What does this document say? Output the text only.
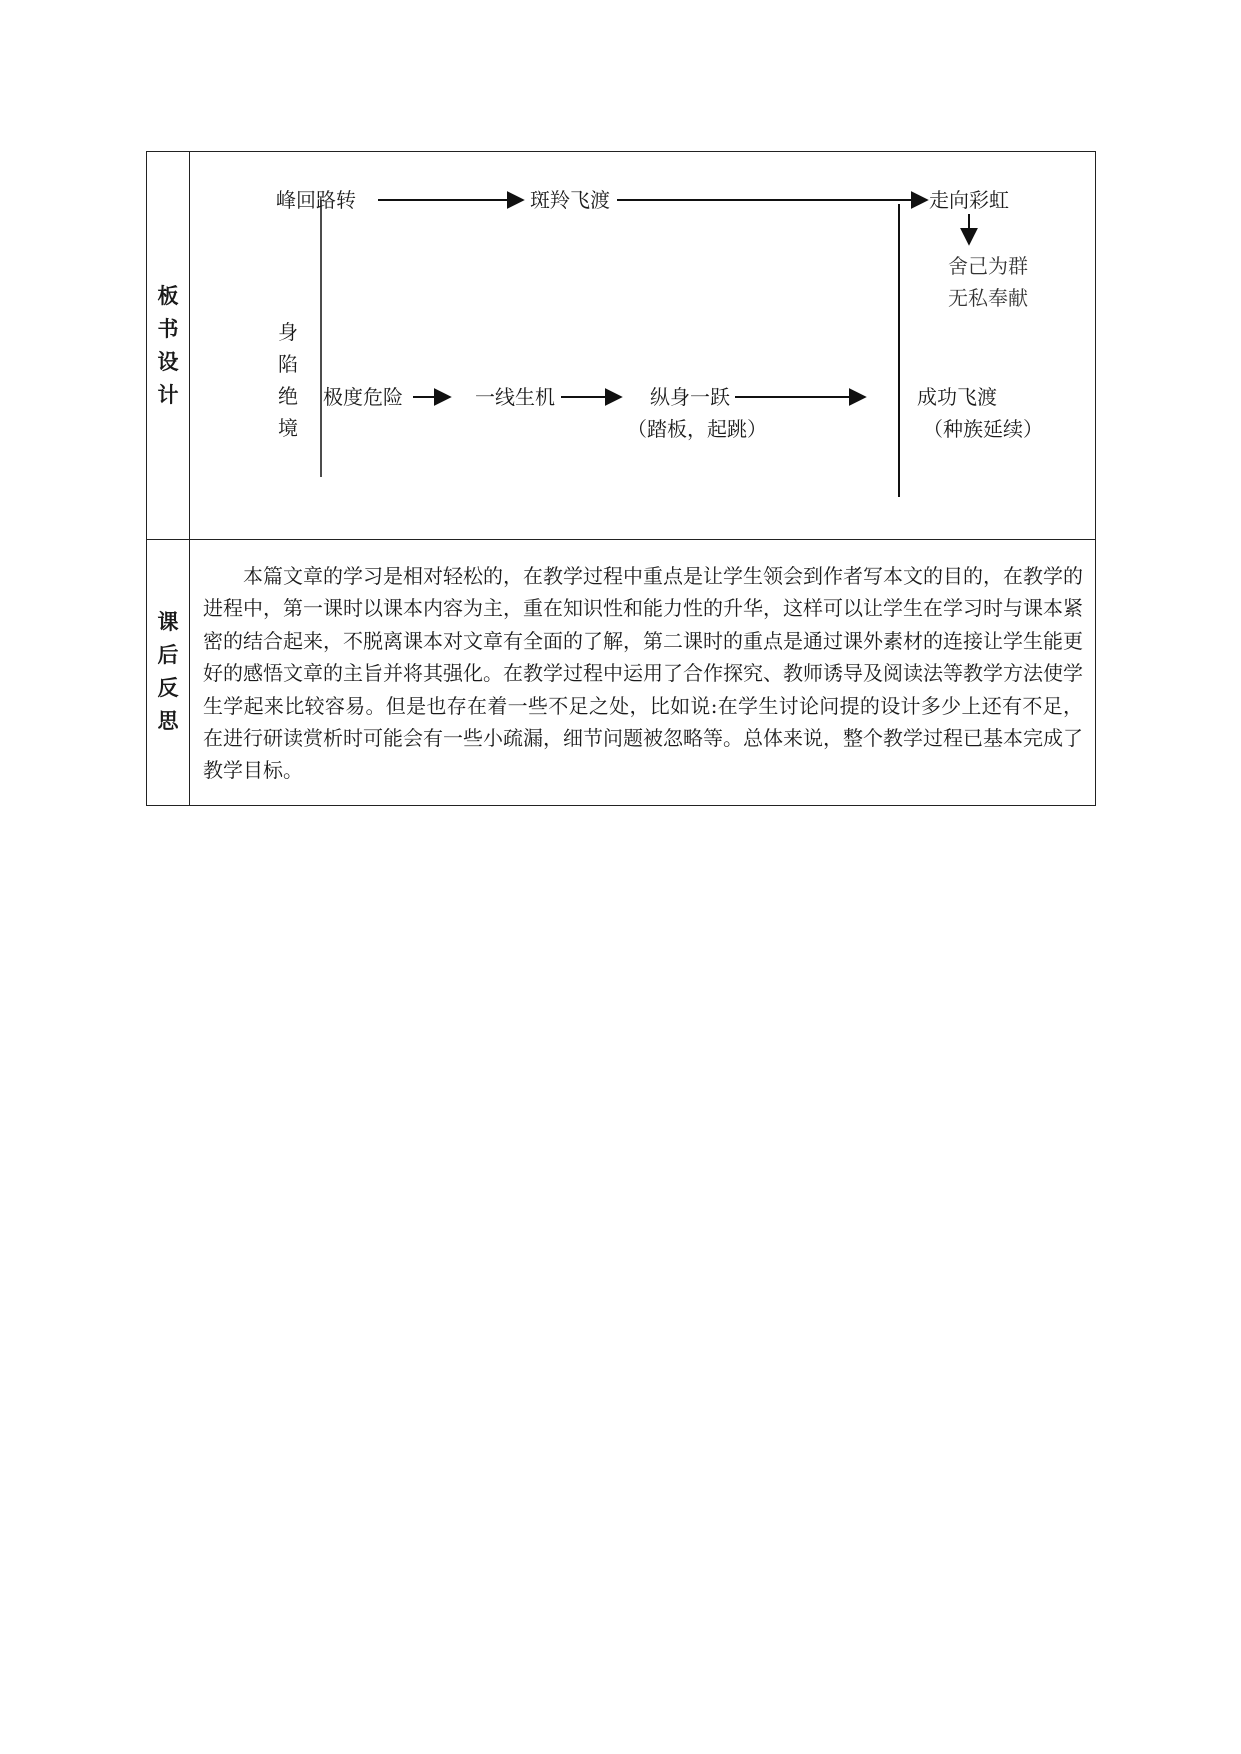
板
书
设
计
峰回路转	斑羚飞渡	走向彩虹
舍己为群
无私奉献
身
陷
绝
境
极度危险	一线生机	纵身一跃	成功飞渡
（踏板，起跳）	（种族延续）
课
后
反
思

本篇文章的学习是相对轻松的，在教学过程中重点是让学生领会到作者写本文的目的，在教学的进程中，第一课时以课本内容为主，重在知识性和能力性的升华，这样可以让学生在学习时与课本紧密的结合起来，不脱离课本对文章有全面的了解，第二课时的重点是通过课外素材的连接让学生能更好的感悟文章的主旨并将其强化。在教学过程中运用了合作探究、教师诱导及阅读法等教学方法使学生学起来比较容易。但是也存在着一些不足之处，比如说:在学生讨论问提的设计多少上还有不足，在进行研读赏析时可能会有一些小疏漏，细节问题被忽略等。总体来说，整个教学过程已基本完成了教学目标。
